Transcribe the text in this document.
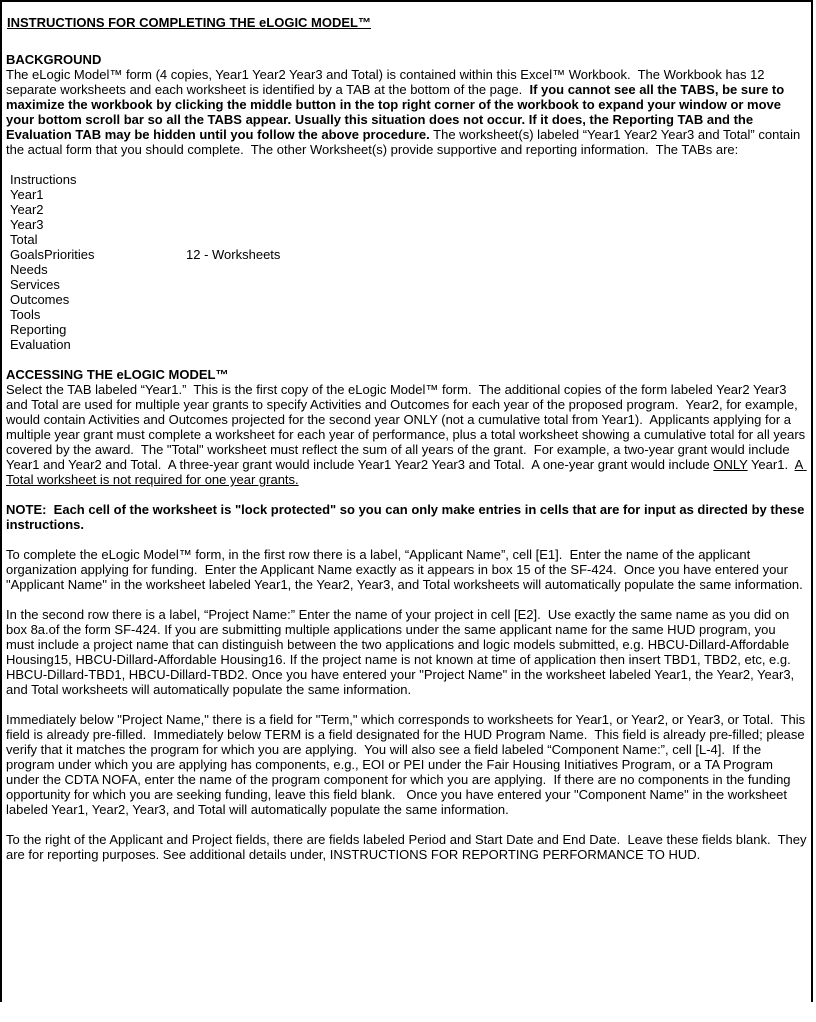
INSTRUCTIONS FOR COMPLETING THE eLOGIC MODEL™
BACKGROUND

The eLogic Model™ form (4 copies, Year1 Year2 Year3 and Total) is contained within this Excel™ Workbook.  The Workbook has 12 separate worksheets and each worksheet is identified by a TAB at the bottom of the page.  If you cannot see all the TABS, be sure to maximize the workbook by clicking the middle button in the top right corner of the workbook to expand your window or move your bottom scroll bar so all the TABS appear. Usually this situation does not occur. If it does, the Reporting TAB and the Evaluation TAB may be hidden until you follow the above procedure. The worksheet(s) labeled “Year1 Year2 Year3 and Total” contain the actual form that you should complete.  The other Worksheet(s) provide supportive and reporting information.  The TABs are:

Instructions
Year1
Year2
Year3
Total
GoalsPriorities	12 - Worksheets
Needs
Services
Outcomes
Tools
Reporting
Evaluation
ACCESSING THE eLOGIC MODEL™

Select the TAB labeled “Year1.”  This is the first copy of the eLogic Model™ form.  The additional copies of the form labeled Year2 Year3 and Total are used for multiple year grants to specify Activities and Outcomes for each year of the proposed program.  Year2, for example, would contain Activities and Outcomes projected for the second year ONLY (not a cumulative total from Year1).  Applicants applying for a multiple year grant must complete a worksheet for each year of performance, plus a total worksheet showing a cumulative total for all years covered by the award.  The "Total" worksheet must reflect the sum of all years of the grant.  For example, a two-year grant would include Year1 and Year2 and Total.  A three-year grant would include Year1 Year2 Year3 and Total.  A one-year grant would include ONLY Year1.  A Total worksheet is not required for one year grants.

NOTE:  Each cell of the worksheet is "lock protected" so you can only make entries in cells that are for input as directed by these instructions.

To complete the eLogic Model™ form, in the first row there is a label, “Applicant Name”, cell [E1].  Enter the name of the applicant organization applying for funding.  Enter the Applicant Name exactly as it appears in box 15 of the SF-424.  Once you have entered your "Applicant Name" in the worksheet labeled Year1, the Year2, Year3, and Total worksheets will automatically populate the same information.

In the second row there is a label, “Project Name:” Enter the name of your project in cell [E2].  Use exactly the same name as you did on box 8a.of the form SF-424. If you are submitting multiple applications under the same applicant name for the same HUD program, you must include a project name that can distinguish between the two applications and logic models submitted, e.g. HBCU-Dillard-Affordable Housing15, HBCU-Dillard-Affordable Housing16. If the project name is not known at time of application then insert TBD1, TBD2, etc, e.g. HBCU-Dillard-TBD1, HBCU-Dillard-TBD2. Once you have entered your "Project Name" in the worksheet labeled Year1, the Year2, Year3, and Total worksheets will automatically populate the same information.

Immediately below "Project Name," there is a field for "Term," which corresponds to worksheets for Year1, or Year2, or Year3, or Total.  This field is already pre-filled.  Immediately below TERM is a field designated for the HUD Program Name.  This field is already pre-filled; please verify that it matches the program for which you are applying.  You will also see a field labeled “Component Name:”, cell [L-4].  If the program under which you are applying has components, e.g., EOI or PEI under the Fair Housing Initiatives Program, or a TA Program under the CDTA NOFA, enter the name of the program component for which you are applying.  If there are no components in the funding opportunity for which you are seeking funding, leave this field blank.   Once you have entered your "Component Name" in the worksheet labeled Year1, Year2, Year3, and Total will automatically populate the same information.

To the right of the Applicant and Project fields, there are fields labeled Period and Start Date and End Date.  Leave these fields blank.  They are for reporting purposes. See additional details under, INSTRUCTIONS FOR REPORTING PERFORMANCE TO HUD.
